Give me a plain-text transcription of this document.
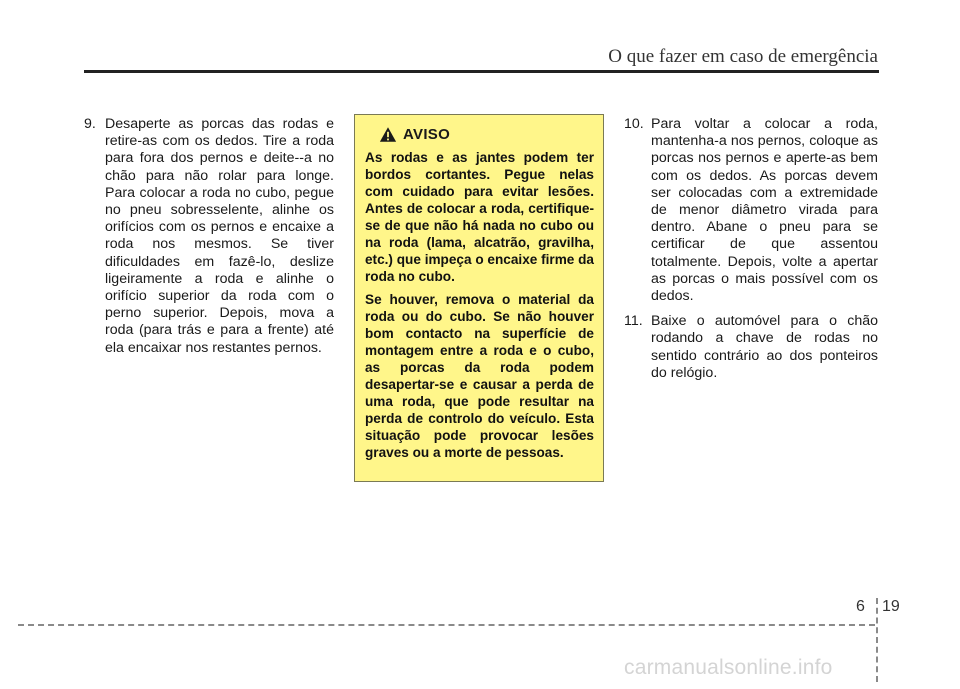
O que fazer em caso de emergência
9. Desaperte as porcas das rodas e retire-as com os dedos. Tire a roda para fora dos pernos e deite--a no chão para não rolar para longe. Para colocar a roda no cubo, pegue no pneu sobresselente, alinhe os orifícios com os pernos e encaixe a roda nos mesmos. Se tiver dificuldades em fazê-lo, deslize ligeiramente a roda e alinhe o orifício superior da roda com o perno superior. Depois, mova a roda (para trás e para a frente) até ela encaixar nos restantes pernos.
AVISO

As rodas e as jantes podem ter bordos cortantes. Pegue nelas com cuidado para evitar lesões. Antes de colocar a roda, certifique-se de que não há nada no cubo ou na roda (lama, alcatrão, gravilha, etc.) que impeça o encaixe firme da roda no cubo.

Se houver, remova o material da roda ou do cubo. Se não houver bom contacto na superfície de montagem entre a roda e o cubo, as porcas da roda podem desapertar-se e causar a perda de uma roda, que pode resultar na perda de controlo do veículo. Esta situação pode provocar lesões graves ou a morte de pessoas.

10. Para voltar a colocar a roda, mantenha-a nos pernos, coloque as porcas nos pernos e aperte-as bem com os dedos. As porcas devem ser colocadas com a extremidade de menor diâmetro virada para dentro. Abane o pneu para se certificar de que assentou totalmente. Depois, volte a apertar as porcas o mais possível com os dedos.
11. Baixe o automóvel para o chão rodando a chave de rodas no sentido contrário ao dos ponteiros do relógio.
6 19
carmanualsonline.info
